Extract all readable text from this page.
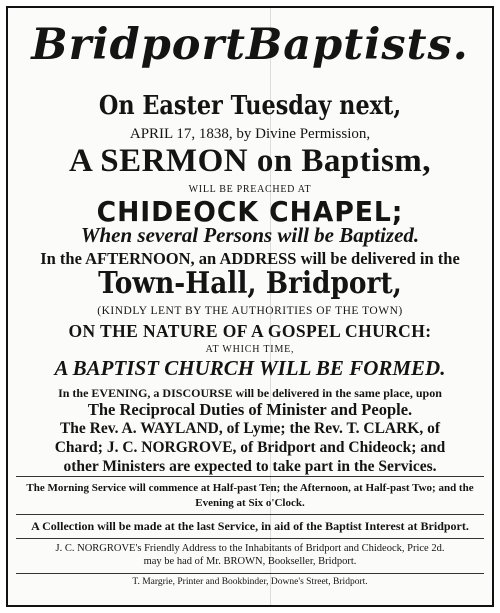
BridportBaptists.
On Easter Tuesday next,
APRIL 17, 1838, by Divine Permission,
A SERMON on Baptism,
WILL BE PREACHED AT
CHIDEOCK CHAPEL;
When several Persons will be Baptized.
In the AFTERNOON, an ADDRESS will be delivered in the
Town-Hall, Bridport,
(KINDLY LENT BY THE AUTHORITIES OF THE TOWN)
ON THE NATURE OF A GOSPEL CHURCH:
AT WHICH TIME,
A BAPTIST CHURCH WILL BE FORMED.
In the EVENING, a DISCOURSE will be delivered in the same place, upon
The Reciprocal Duties of Minister and People.
The Rev. A. WAYLAND, of Lyme; the Rev. T. CLARK, of
Chard; J. C. NORGROVE, of Bridport and Chideock; and
other Ministers are expected to take part in the Services.
The Morning Service will commence at Half-past Ten; the Afternoon, at Half-past Two; and the
Evening at Six o'Clock.
A Collection will be made at the last Service, in aid of the Baptist Interest at Bridport.
J. C. NORGROVE's Friendly Address to the Inhabitants of Bridport and Chideock, Price 2d.
may be had of Mr. BROWN, Bookseller, Bridport.
T. Margrie, Printer and Bookbinder, Downe's Street, Bridport.
